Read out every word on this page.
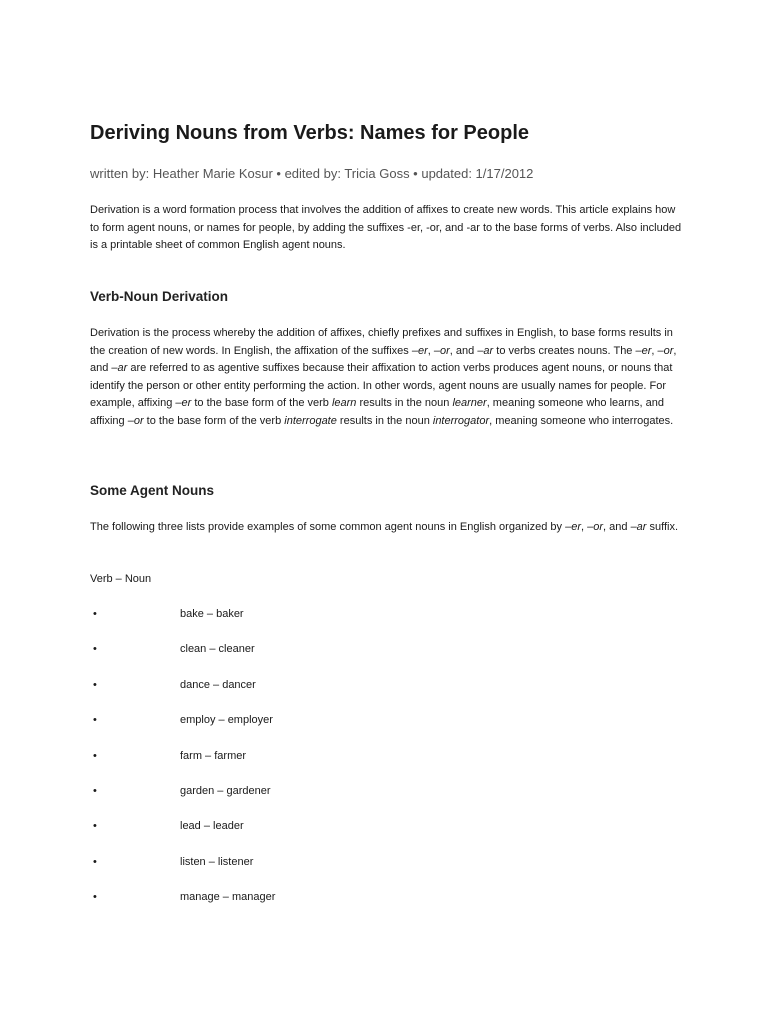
Deriving Nouns from Verbs: Names for People
written by: Heather Marie Kosur • edited by: Tricia Goss • updated: 1/17/2012

Derivation is a word formation process that involves the addition of affixes to create new words. This article explains how to form agent nouns, or names for people, by adding the suffixes -er, -or, and -ar to the base forms of verbs. Also included is a printable sheet of common English agent nouns.

Verb-Noun Derivation

Derivation is the process whereby the addition of affixes, chiefly prefixes and suffixes in English, to base forms results in the creation of new words. In English, the affixation of the suffixes –er, –or, and –ar to verbs creates nouns. The –er, –or, and –ar are referred to as agentive suffixes because their affixation to action verbs produces agent nouns, or nouns that identify the person or other entity performing the action. In other words, agent nouns are usually names for people. For example, affixing –er to the base form of the verb learn results in the noun learner, meaning someone who learns, and affixing –or to the base form of the verb interrogate results in the noun interrogator, meaning someone who interrogates.

Some Agent Nouns

The following three lists provide examples of some common agent nouns in English organized by –er, –or, and –ar suffix.

Verb – Noun
•	bake – baker
•	clean – cleaner
•	dance – dancer
•	employ – employer
•	farm – farmer
•	garden – gardener
•	lead – leader
•	listen – listener
•	manage – manager
